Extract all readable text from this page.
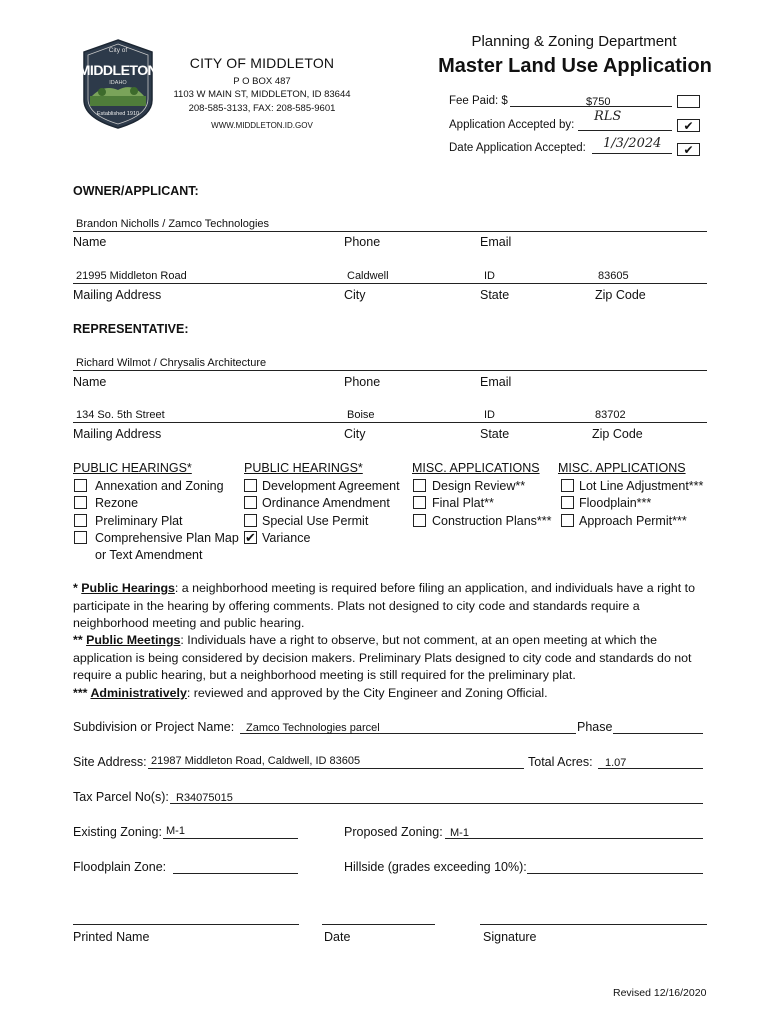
City of
MIDDLETON
IDAHO
Established 1910
CITY OF MIDDLETON
P O BOX 487
1103 W MAIN ST, MIDDLETON, ID 83644
208-585-3133, FAX: 208-585-9601
WWW.MIDDLETON.ID.GOV
Planning & Zoning Department
Master Land Use Application
Fee Paid: $	$750
Application Accepted by:
RLS
✔
Date Application Accepted: 1/3/2024 ✔
OWNER/APPLICANT:
Brandon Nicholls / Zamco Technologies
Name	Phone	Email
21995 Middleton Road	Caldwell	ID	83605
Mailing Address	City	State	Zip Code
REPRESENTATIVE:
Richard Wilmot / Chrysalis Architecture
Name	Phone	Email
134 So. 5th Street	Boise	ID	83702
Mailing Address	City	State	Zip Code
PUBLIC HEARINGS*	PUBLIC HEARINGS*	MISC. APPLICATIONS MISC. APPLICATIONS
Annexation and Zoning
Rezone
Preliminary Plat
Comprehensive Plan Map
or Text Amendment
Development Agreement
Ordinance Amendment
Special Use Permit
✔ Variance
Design Review**
Final Plat**
Construction Plans***
Lot Line Adjustment***
Floodplain***
Approach Permit***
* Public Hearings: a neighborhood meeting is required before filing an application, and individuals have a right to participate in the hearing by offering comments. Plats not designed to city code and standards require a neighborhood meeting and public hearing.
** Public Meetings: Individuals have a right to observe, but not comment, at an open meeting at which the application is being considered by decision makers. Preliminary Plats designed to city code and standards do not require a public hearing, but a neighborhood meeting is still required for the preliminary plat.
*** Administratively: reviewed and approved by the City Engineer and Zoning Official.
Subdivision or Project Name: Zamco Technologies parcel	Phase
Site Address: 21987 Middleton Road, Caldwell, ID 83605	Total Acres: 1.07
Tax Parcel No(s): R34075015
Existing Zoning: M-1	Proposed Zoning: M-1
Floodplain Zone:	Hillside (grades exceeding 10%):
Printed Name	Date	Signature
Revised 12/16/2020
